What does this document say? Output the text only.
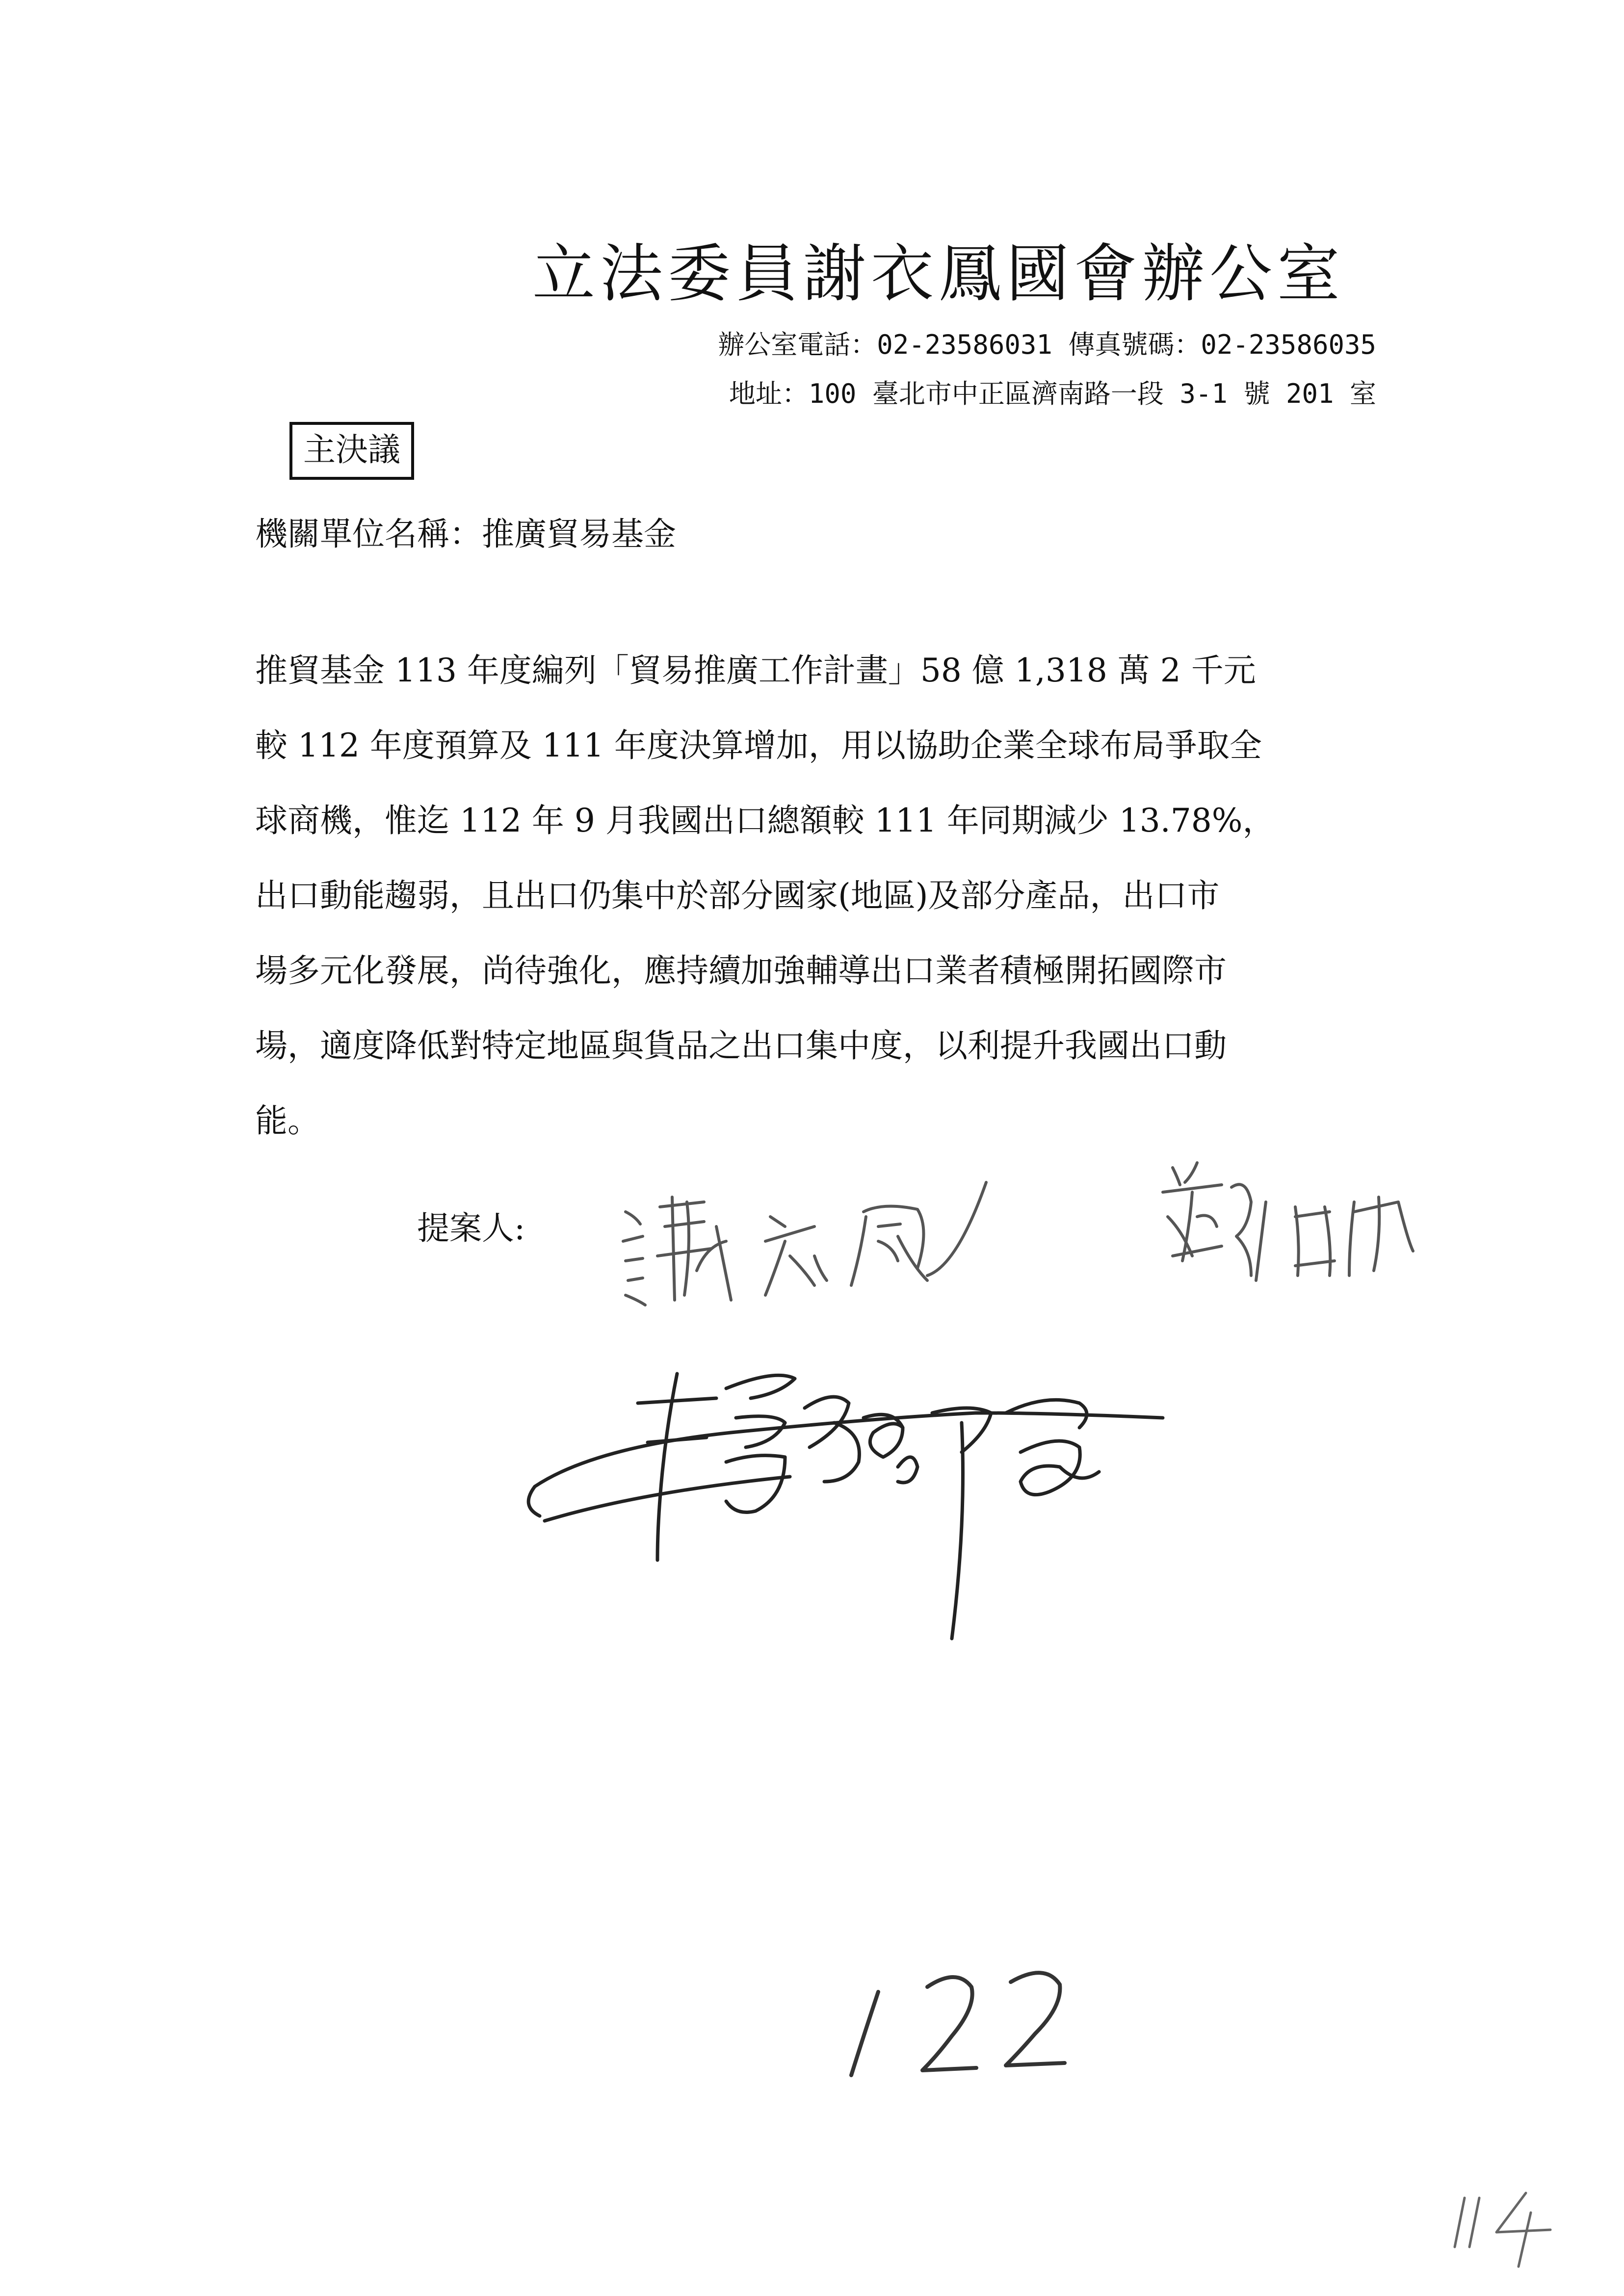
立法委員謝衣鳳國會辦公室
辦公室電話：02-23586031 傳真號碼：02-23586035
地址：100 臺北市中正區濟南路一段 3-1 號 201 室
主決議
機關單位名稱：推廣貿易基金
推貿基金 113 年度編列「貿易推廣工作計畫」58 億 1,318 萬 2 千元
較 112 年度預算及 111 年度決算增加，用以協助企業全球布局爭取全
球商機，惟迄 112 年 9 月我國出口總額較 111 年同期減少 13.78%，
出口動能趨弱，且出口仍集中於部分國家(地區)及部分產品，出口市
場多元化發展，尚待強化，應持續加強輔導出口業者積極開拓國際市
場，適度降低對特定地區與貨品之出口集中度，以利提升我國出口動
能。
提案人:
